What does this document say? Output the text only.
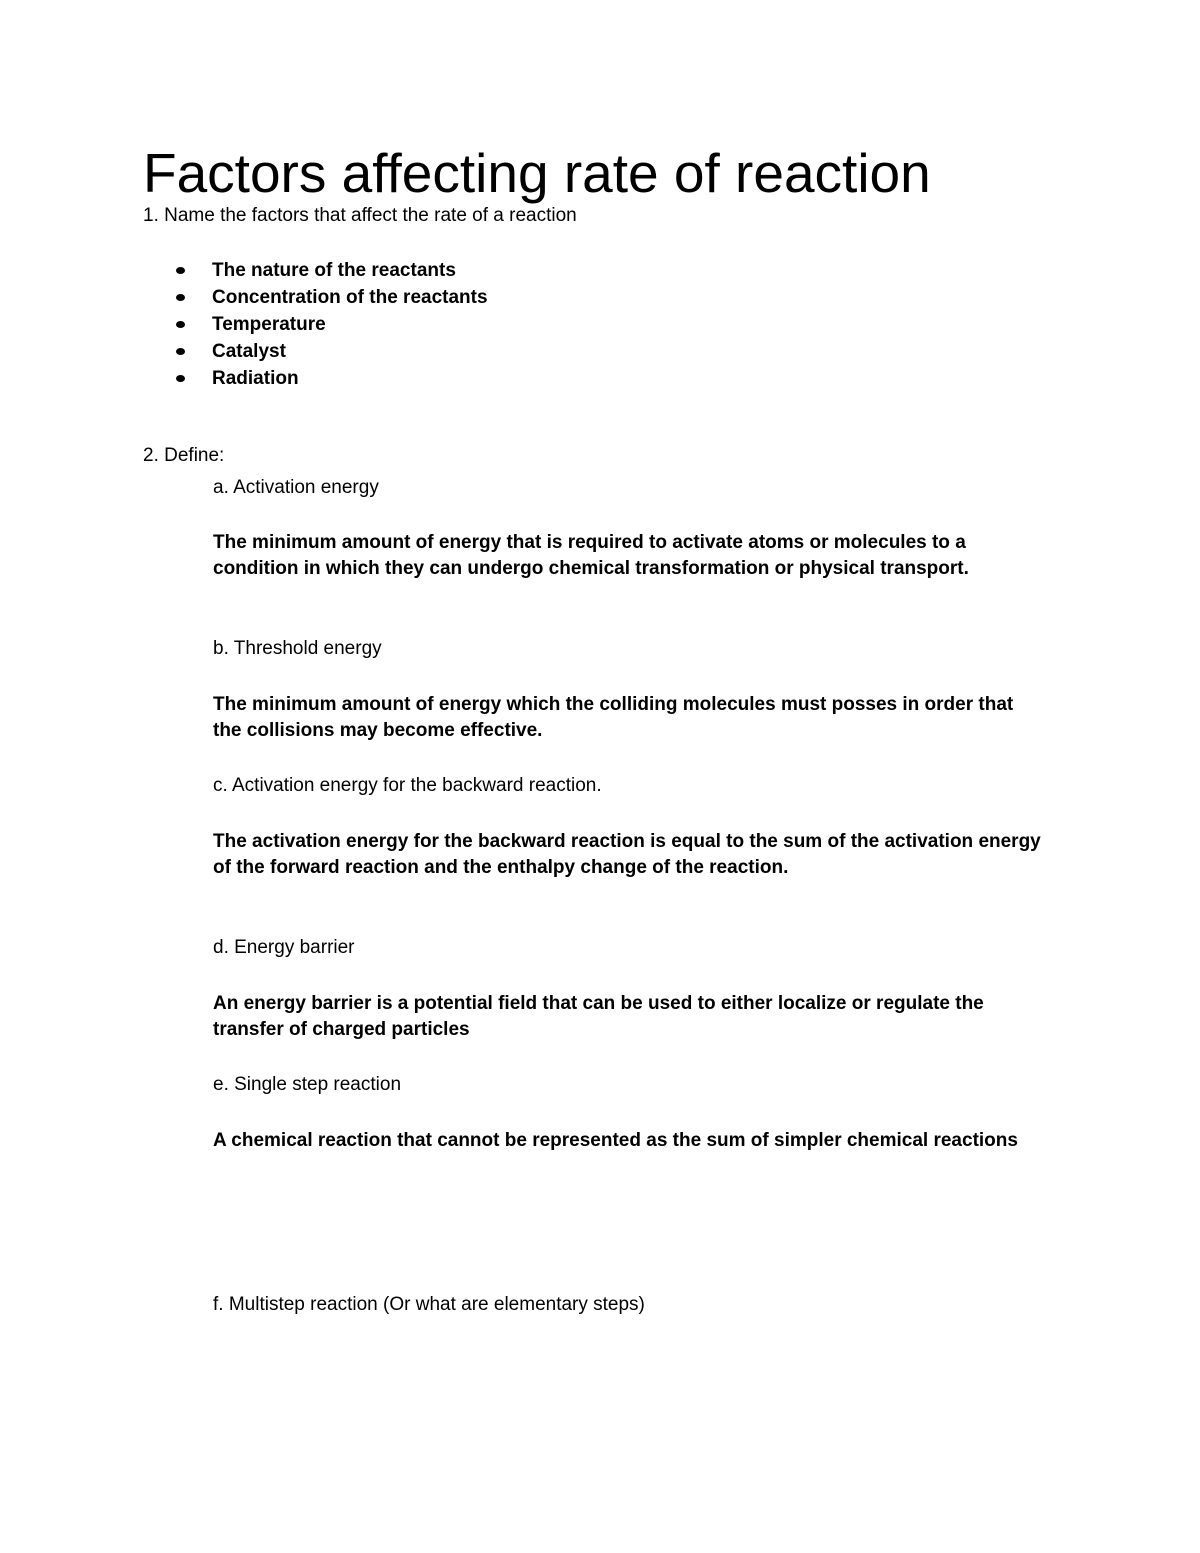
Factors affecting rate of reaction
1. Name the factors that affect the rate of a reaction
The nature of the reactants
Concentration of the reactants
Temperature
Catalyst
Radiation
2. Define:
a. Activation energy
The minimum amount of energy that is required to activate atoms or molecules to a condition in which they can undergo chemical transformation or physical transport.
b. Threshold energy
The minimum amount of energy which the colliding molecules must posses in order that the collisions may become effective.
c. Activation energy for the backward reaction.
The activation energy for the backward reaction is equal to the sum of the activation energy of the forward reaction and the enthalpy change of the reaction.
d. Energy barrier
An energy barrier is a potential field that can be used to either localize or regulate the transfer of charged particles
e. Single step reaction
A chemical reaction that cannot be represented as the sum of simpler chemical reactions
f. Multistep reaction (Or what are elementary steps)
